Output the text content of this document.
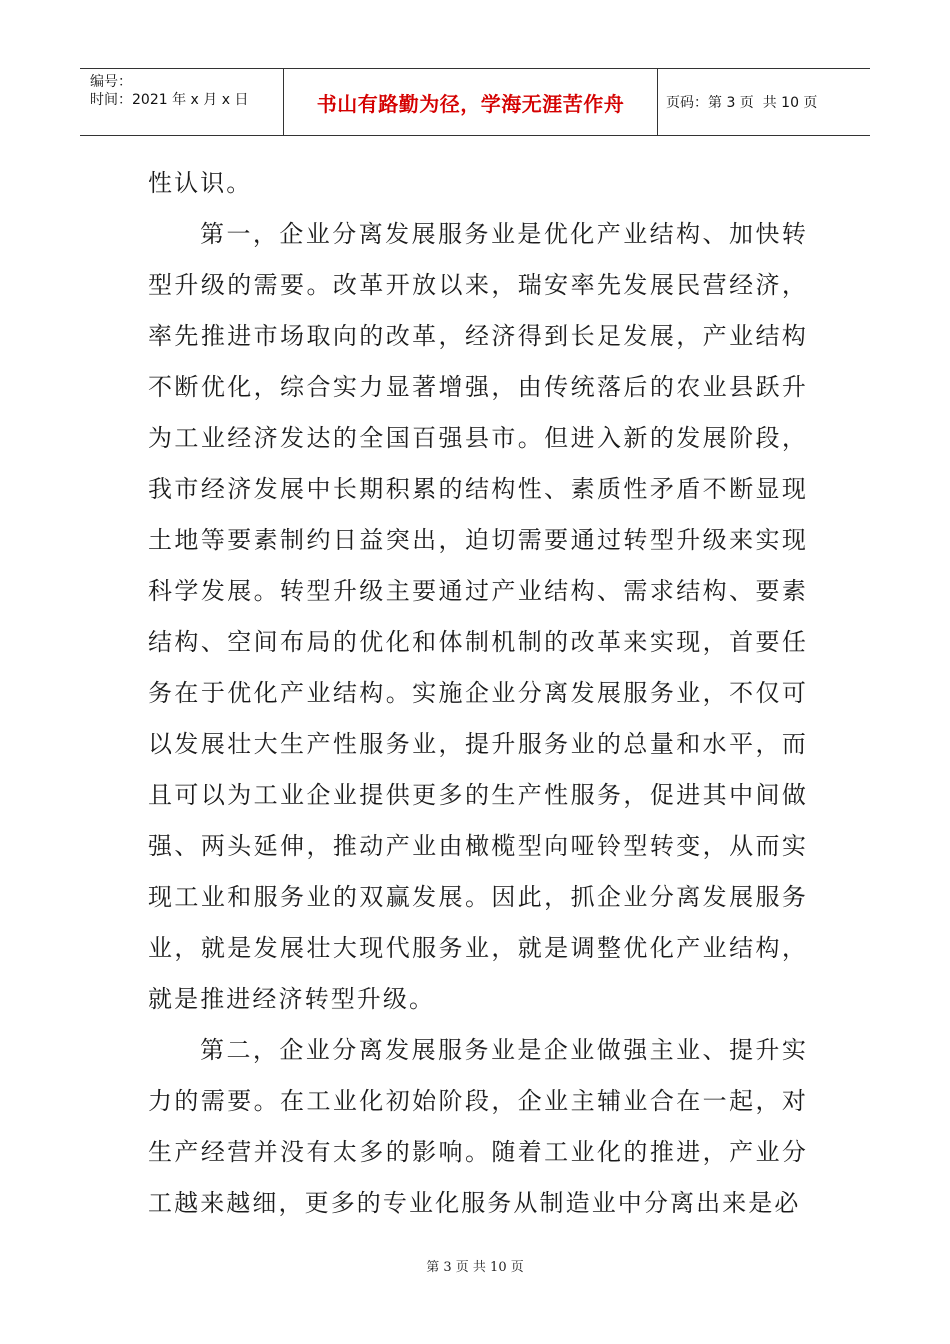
编号：
时间：2021 年 x 月 x 日	书山有路勤为径，学海无涯苦作舟	页码：第 3 页  共 10 页

性认识。

第一，企业分离发展服务业是优化产业结构、加快转型升级的需要。改革开放以来，瑞安率先发展民营经济，率先推进市场取向的改革，经济得到长足发展，产业结构不断优化，综合实力显著增强，由传统落后的农业县跃升为工业经济发达的全国百强县市。但进入新的发展阶段，我市经济发展中长期积累的结构性、素质性矛盾不断显现土地等要素制约日益突出，迫切需要通过转型升级来实现科学发展。转型升级主要通过产业结构、需求结构、要素结构、空间布局的优化和体制机制的改革来实现，首要任务在于优化产业结构。实施企业分离发展服务业，不仅可以发展壮大生产性服务业，提升服务业的总量和水平，而且可以为工业企业提供更多的生产性服务，促进其中间做强、两头延伸，推动产业由橄榄型向哑铃型转变，从而实现工业和服务业的双赢发展。因此，抓企业分离发展服务业，就是发展壮大现代服务业，就是调整优化产业结构，就是推进经济转型升级。

第二，企业分离发展服务业是企业做强主业、提升实力的需要。在工业化初始阶段，企业主辅业合在一起，对生产经营并没有太多的影响。随着工业化的推进，产业分工越来越细，更多的专业化服务从制造业中分离出来是必

第 3 页 共 10 页
